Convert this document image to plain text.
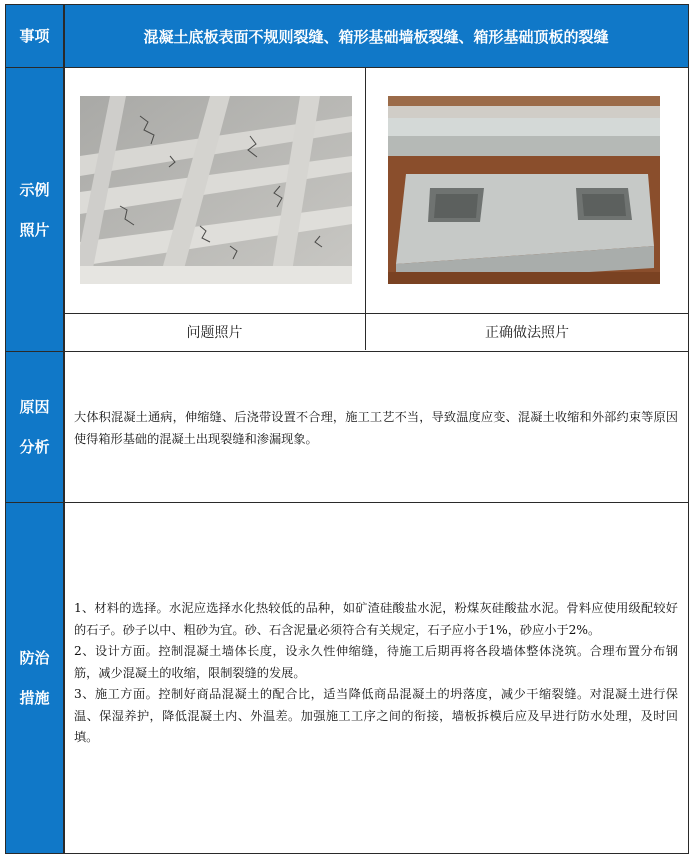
事项	混凝土底板表面不规则裂缝、箱形基础墙板裂缝、箱形基础顶板的裂缝
示例
照片
问题照片	正确做法照片
原因
分析
大体积混凝土通病，伸缩缝、后浇带设置不合理，施工工艺不当，导致温度应变、混凝土收缩和外部约束等原因使得箱形基础的混凝土出现裂缝和渗漏现象。
防治
措施
1、材料的选择。水泥应选择水化热较低的品种，如矿渣硅酸盐水泥，粉煤灰硅酸盐水泥。骨料应使用级配较好的石子。砂子以中、粗砂为宜。砂、石含泥量必须符合有关规定，石子应小于1%，砂应小于2%。
2、设计方面。控制混凝土墙体长度，设永久性伸缩缝，待施工后期再将各段墙体整体浇筑。合理布置分布钢筋，减少混凝土的收缩，限制裂缝的发展。
3、施工方面。控制好商品混凝土的配合比，适当降低商品混凝土的坍落度，减少干缩裂缝。对混凝土进行保温、保湿养护，降低混凝土内、外温差。加强施工工序之间的衔接，墙板拆模后应及早进行防水处理，及时回填。
